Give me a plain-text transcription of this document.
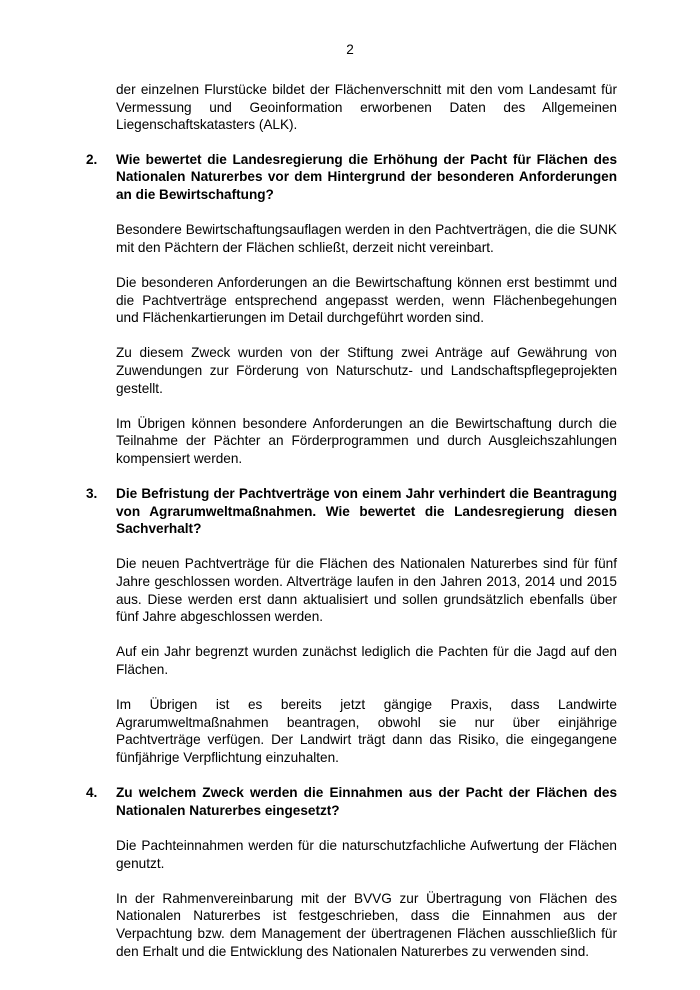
2

der einzelnen Flurstücke bildet der Flächenverschnitt mit den vom Landesamt für Vermessung und Geoinformation erworbenen Daten des Allgemeinen Liegenschaftskatasters (ALK).

2.	Wie bewertet die Landesregierung die Erhöhung der Pacht für Flächen des Nationalen Naturerbes vor dem Hintergrund der besonderen Anforderungen an die Bewirtschaftung?

Besondere Bewirtschaftungsauflagen werden in den Pachtverträgen, die die SUNK mit den Pächtern der Flächen schließt, derzeit nicht vereinbart.

Die besonderen Anforderungen an die Bewirtschaftung können erst bestimmt und die Pachtverträge entsprechend angepasst werden, wenn Flächenbegehungen und Flächenkartierungen im Detail durchgeführt worden sind.

Zu diesem Zweck wurden von der Stiftung zwei Anträge auf Gewährung von Zuwendungen zur Förderung von Naturschutz- und Landschaftspflegeprojekten gestellt.

Im Übrigen können besondere Anforderungen an die Bewirtschaftung durch die Teilnahme der Pächter an Förderprogrammen und durch Ausgleichszahlungen kompensiert werden.

3.	Die Befristung der Pachtverträge von einem Jahr verhindert die Beantragung von Agrarumweltmaßnahmen. Wie bewertet die Landesregierung diesen Sachverhalt?

Die neuen Pachtverträge für die Flächen des Nationalen Naturerbes sind für fünf Jahre geschlossen worden. Altverträge laufen in den Jahren 2013, 2014 und 2015 aus. Diese werden erst dann aktualisiert und sollen grundsätzlich ebenfalls über fünf Jahre abgeschlossen werden.

Auf ein Jahr begrenzt wurden zunächst lediglich die Pachten für die Jagd auf den Flächen.

Im Übrigen ist es bereits jetzt gängige Praxis, dass Landwirte Agrarumweltmaßnahmen beantragen, obwohl sie nur über einjährige Pachtverträge verfügen. Der Landwirt trägt dann das Risiko, die eingegangene fünfjährige Verpflichtung einzuhalten.

4.	Zu welchem Zweck werden die Einnahmen aus der Pacht der Flächen des Nationalen Naturerbes eingesetzt?

Die Pachteinnahmen werden für die naturschutzfachliche Aufwertung der Flächen genutzt.

In der Rahmenvereinbarung mit der BVVG zur Übertragung von Flächen des Nationalen Naturerbes ist festgeschrieben, dass die Einnahmen aus der Verpachtung bzw. dem Management der übertragenen Flächen ausschließlich für den Erhalt und die Entwicklung des Nationalen Naturerbes zu verwenden sind.
